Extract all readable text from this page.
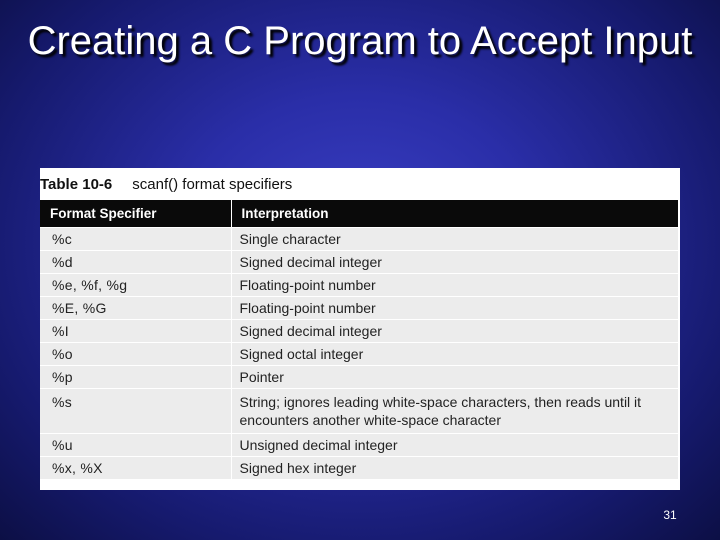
Creating a C Program to Accept Input
Table 10-6 scanf() format specifiers
Format Specifier	Interpretation
%c	Single character
%d	Signed decimal integer
%e, %f, %g	Floating-point number
%E, %G	Floating-point number
%I	Signed decimal integer
%o	Signed octal integer
%p	Pointer
%s	String; ignores leading white-space characters, then reads until it encounters another white-space character
%u	Unsigned decimal integer
%x, %X	Signed hex integer
31
